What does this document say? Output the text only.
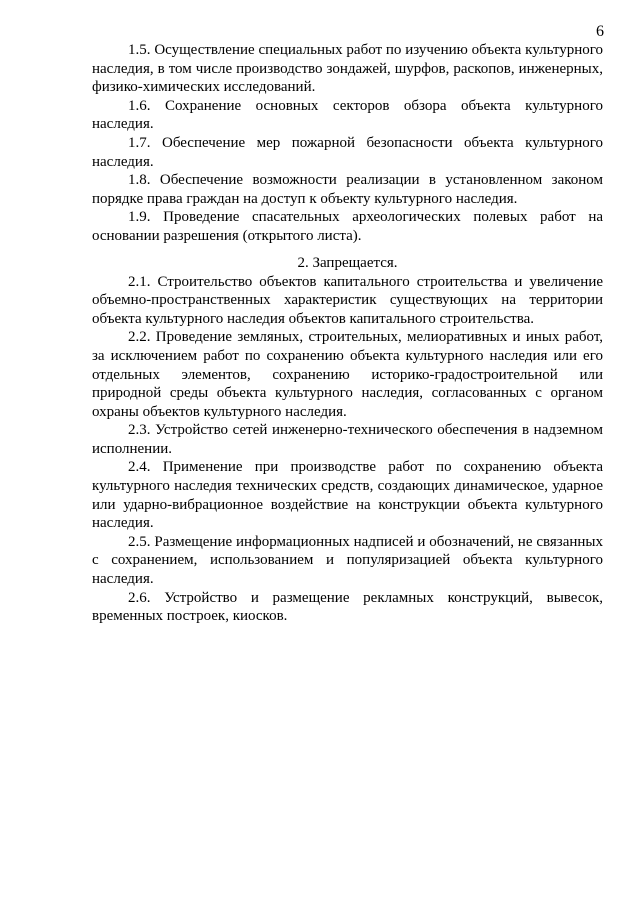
6

1.5. Осуществление специальных работ по изучению объекта культурного наследия, в том числе производство зондажей, шурфов, раскопов, инженерных, физико-химических исследований.

1.6. Сохранение основных секторов обзора объекта культурного наследия.

1.7. Обеспечение мер пожарной безопасности объекта культурного наследия.

1.8. Обеспечение возможности реализации в установленном законом порядке права граждан на доступ к объекту культурного наследия.

1.9. Проведение спасательных археологических полевых работ на основании разрешения (открытого листа).

2. Запрещается.

2.1. Строительство объектов капитального строительства и увеличение объемно-пространственных характеристик существующих на территории объекта культурного наследия объектов капитального строительства.

2.2. Проведение земляных, строительных, мелиоративных и иных работ, за исключением работ по сохранению объекта культурного наследия или его отдельных элементов, сохранению историко-градостроительной или природной среды объекта культурного наследия, согласованных с органом охраны объектов культурного наследия.

2.3. Устройство сетей инженерно-технического обеспечения в надземном исполнении.

2.4. Применение при производстве работ по сохранению объекта культурного наследия технических средств, создающих динамическое, ударное или ударно-вибрационное воздействие на конструкции объекта культурного наследия.

2.5. Размещение информационных надписей и обозначений, не связанных с сохранением, использованием и популяризацией объекта культурного наследия.

2.6. Устройство и размещение рекламных конструкций, вывесок, временных построек, киосков.
